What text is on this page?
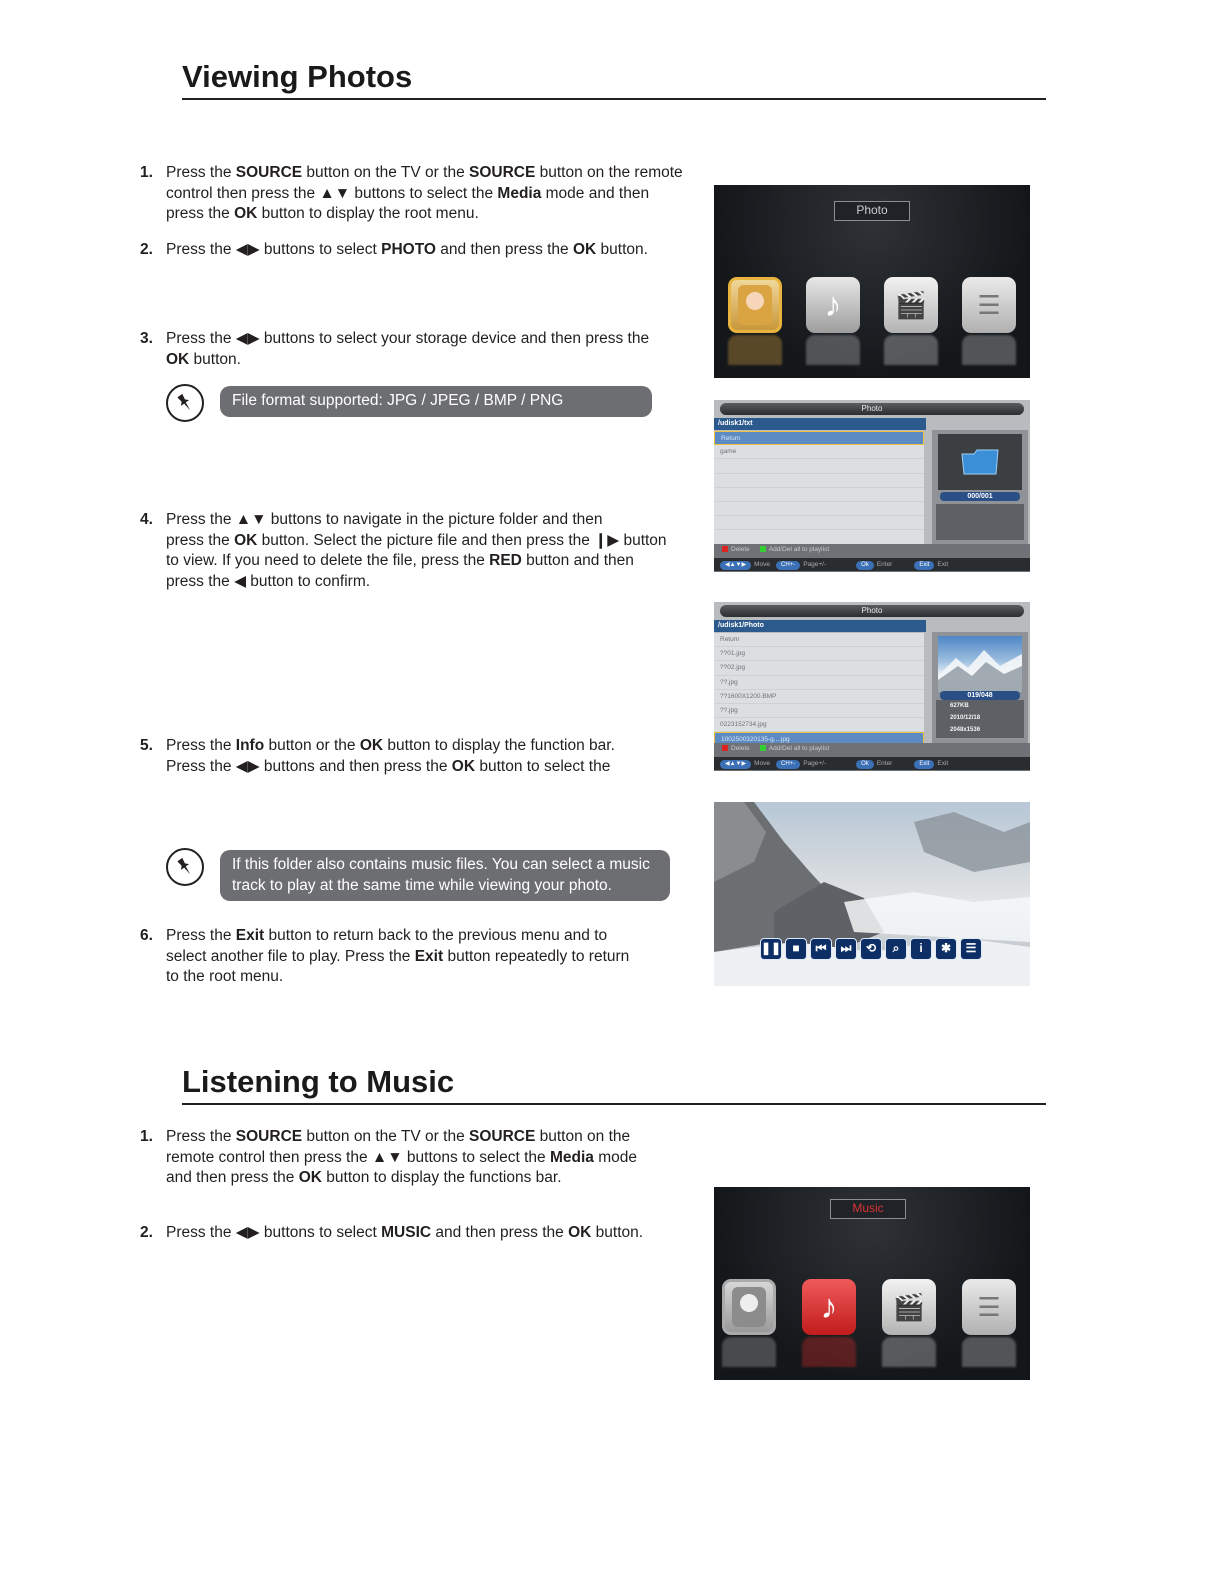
Viewing Photos
1. Press the SOURCE button on the TV or the SOURCE button on the remote
control then press the ▲▼ buttons to select the Media mode and then
press the OK button to display the root menu.
2. Press the ◀▶ buttons to select PHOTO and then press the OK button.
3. Press the ◀▶ buttons to select your storage device and then press the
OK button.
File format supported: JPG / JPEG / BMP / PNG
4. Press the ▲▼ buttons to navigate in the picture folder and then
press the OK button. Select the picture file and then press the ❙▶ button
to view. If you need to delete the file, press the RED button and then
press the ◀ button to confirm.
5. Press the Info button or the OK button to display the function bar.
Press the ◀▶ buttons and then press the OK button to select the
If this folder also contains music files. You can select a music
track to play at the same time while viewing your photo.
6. Press the Exit button to return back to the previous menu and to
select another file to play. Press the Exit button repeatedly to return
to the root menu.
Photo
♪	🎬	☰
Photo
/udisk1/txt
Return
game
000/001
Delete	Add/Del all to playlist
◀▲▼▶ Move CH+- Page+/-	Ok Enter	Exit Exit
Photo
/udisk1/Photo
Return
??01.jpg
??02.jpg
??.jpg
??1600X1200.BMP
??.jpg
0223152734.jpg
1002500320135-g....jpg
019/048
627KB
2010/12/18
2048x1536
Delete	Add/Del all to playlist
◀▲▼▶ Move CH+- Page+/-	Ok Enter	Exit Exit
❚❚ ■	⏮	⏭	⟲	⌕	i	✱	☰
Listening to Music
1. Press the SOURCE button on the TV or the SOURCE button on the
remote control then press the ▲▼ buttons to select the Media mode
and then press the OK button to display the functions bar.
2. Press the ◀▶ buttons to select MUSIC and then press the OK button.
Music
♪	🎬	☰
